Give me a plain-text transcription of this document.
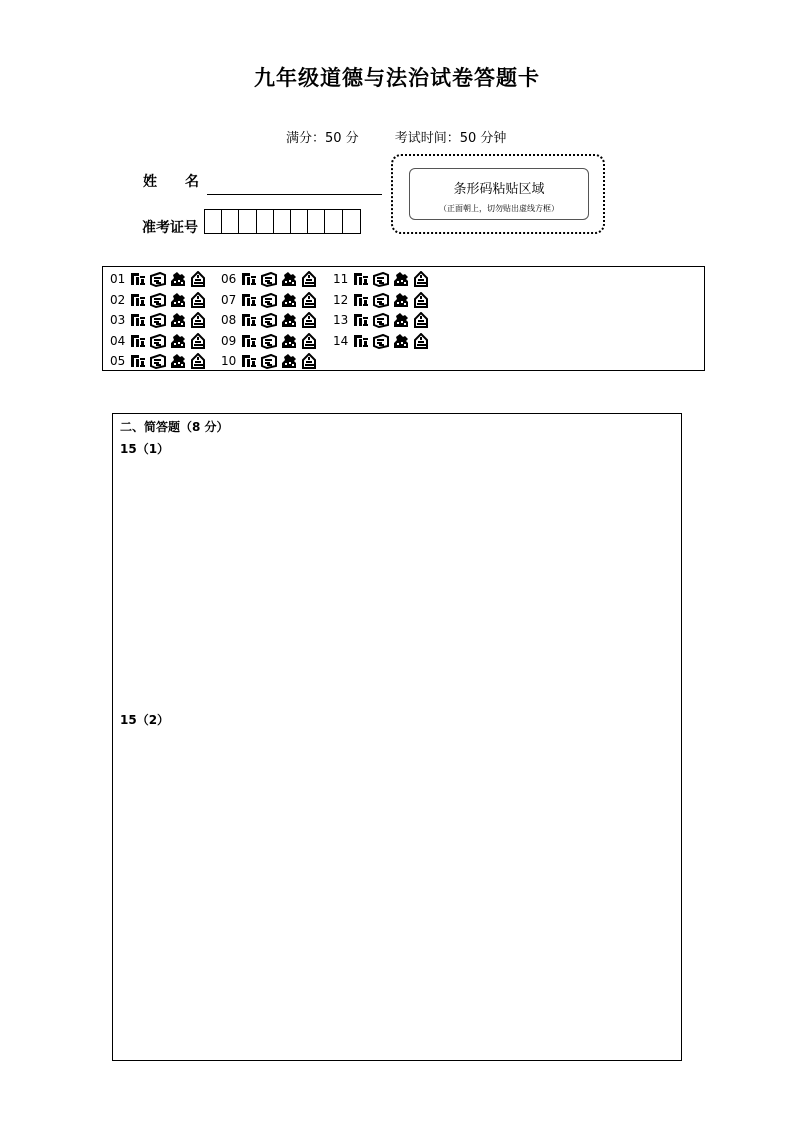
九年级道德与法治试卷答题卡
满分：50 分	考试时间：50 分钟
姓　　名
准考证号
条形码粘贴区域
（正面朝上，切勿贴出虚线方框）
01
02
03
04
05
06
07
08
09
10
11
12
13
14
二、简答题（8 分）
15（1）
15（2）
